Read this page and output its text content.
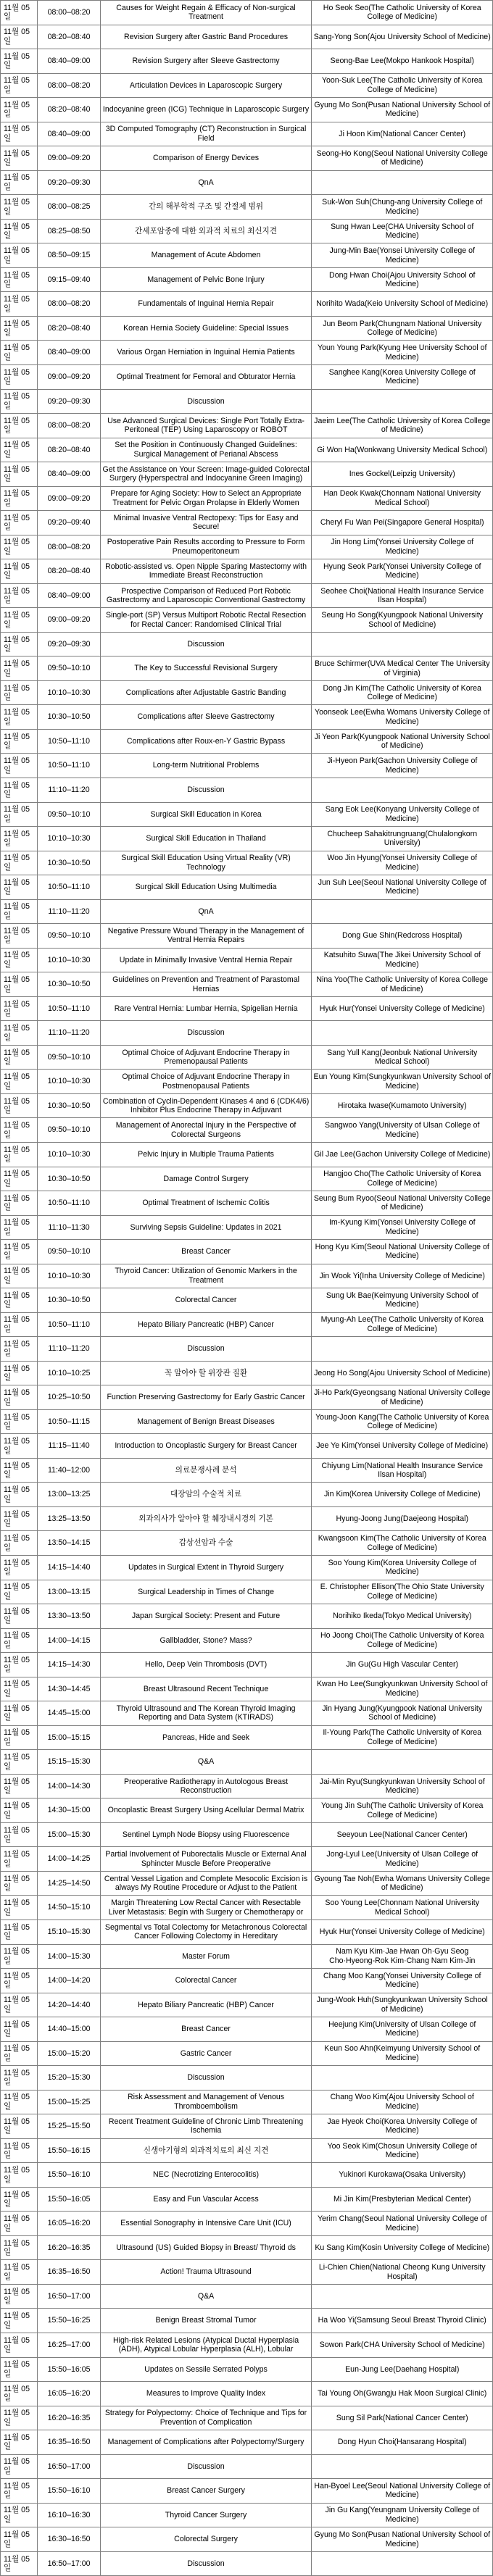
11월 05일	08:00–08:20	Causes for Weight Regain & Efficacy of Non-surgical Treatment	Ho Seok Seo(The Catholic University of Korea College of Medicine)
11월 05일	08:20–08:40	Revision Surgery after Gastric Band Procedures	Sang-Yong Son(Ajou University School of Medicine)
11월 05일	08:40–09:00	Revision Surgery after Sleeve Gastrectomy	Seong-Bae Lee(Mokpo Hankook Hospital)
11월 05일	08:00–08:20	Articulation Devices in Laparoscopic Surgery	Yoon-Suk Lee(The Catholic University of Korea College of Medicine)
11월 05일	08:20–08:40	Indocyanine green (ICG) Technique in Laparoscopic Surgery	Gyung Mo Son(Pusan National University School of Medicine)
11월 05일	08:40–09:00	3D Computed Tomography (CT) Reconstruction in Surgical Field	Ji Hoon Kim(National Cancer Center)
11월 05일	09:00–09:20	Comparison of Energy Devices	Seong-Ho Kong(Seoul National University College of Medicine)
11월 05일	09:20–09:30	QnA	
11월 05일	08:00–08:25	간의 해부학적 구조 및 간절제 범위	Suk-Won Suh(Chung-ang University College of Medicine)
11월 05일	08:25–08:50	간세포암종에 대한 외과적 치료의 최신지견	Sung Hwan Lee(CHA University School of Medicine)
11월 05일	08:50–09:15	Management of Acute Abdomen	Jung-Min Bae(Yonsei University College of Medicine)
11월 05일	09:15–09:40	Management of Pelvic Bone Injury	Dong Hwan Choi(Ajou University School of Medicine)
11월 05일	08:00–08:20	Fundamentals of Inguinal Hernia Repair	Norihito Wada(Keio University School of Medicine)
11월 05일	08:20–08:40	Korean Hernia Society Guideline: Special Issues	Jun Beom Park(Chungnam National University College of Medicine)
11월 05일	08:40–09:00	Various Organ Herniation in Inguinal Hernia Patients	Youn Young Park(Kyung Hee University School of Medicine)
11월 05일	09:00–09:20	Optimal Treatment for Femoral and Obturator Hernia	Sanghee Kang(Korea University College of Medicine)
11월 05일	09:20–09:30	Discussion	
11월 05일	08:00–08:20	Use Advanced Surgical Devices: Single Port Totally Extra-Peritoneal (TEP) Using Laparoscopy or ROBOT	Jaeim Lee(The Catholic University of Korea College of Medicine)
11월 05일	08:20–08:40	Set the Position in Continuously Changed Guidelines: Surgical Management of Perianal Abscess	Gi Won Ha(Wonkwang University Medical School)
11월 05일	08:40–09:00	Get the Assistance on Your Screen: Image-guided Colorectal Surgery (Hyperspectral and Indocyanine Green Imaging)	Ines Gockel(Leipzig University)
11월 05일	09:00–09:20	Prepare for Aging Society: How to Select an Appropriate Treatment for Pelvic Organ Prolapse in Elderly Women	Han Deok Kwak(Chonnam National University Medical School)
11월 05일	09:20–09:40	Minimal Invasive Ventral Rectopexy: Tips for Easy and Secure!	Cheryl Fu Wan Pei(Singapore General Hospital)
11월 05일	08:00–08:20	Postoperative Pain Results according to Pressure to Form Pneumoperitoneum	Jin Hong Lim(Yonsei University College of Medicine)
11월 05일	08:20–08:40	Robotic-assisted vs. Open Nipple Sparing Mastectomy with Immediate Breast Reconstruction	Hyung Seok Park(Yonsei University College of Medicine)
11월 05일	08:40–09:00	Prospective Comparison of Reduced Port Robotic Gastrectomy and Laparoscopic Conventional Gastrectomy	Seohee Choi(National Health Insurance Service Ilsan Hospital)
11월 05일	09:00–09:20	Single-port (SP) Versus Multiport Robotic Rectal Resection for Rectal Cancer: Randomised Clinical Trial	Seung Ho Song(Kyungpook National University School of Medicine)
11월 05일	09:20–09:30	Discussion	
11월 05일	09:50–10:10	The Key to Successful Revisional Surgery	Bruce Schirmer(UVA Medical Center The University of Virginia)
11월 05일	10:10–10:30	Complications after Adjustable Gastric Banding	Dong Jin Kim(The Catholic University of Korea College of Medicine)
11월 05일	10:30–10:50	Complications after Sleeve Gastrectomy	Yoonseok Lee(Ewha Womans University College of Medicine)
11월 05일	10:50–11:10	Complications after Roux-en-Y Gastric Bypass	Ji Yeon Park(Kyungpook National University School of Medicine)
11월 05일	10:50–11:10	Long-term Nutritional Problems	Ji-Hyeon Park(Gachon University College of Medicine)
11월 05일	11:10–11:20	Discussion	
11월 05일	09:50–10:10	Surgical Skill Education in Korea	Sang Eok Lee(Konyang University College of Medicine)
11월 05일	10:10–10:30	Surgical Skill Education in Thailand	Chucheep Sahakitrungruang(Chulalongkorn University)
11월 05일	10:30–10:50	Surgical Skill Education Using Virtual Reality (VR) Technology	Woo Jin Hyung(Yonsei University College of Medicine)
11월 05일	10:50–11:10	Surgical Skill Education Using Multimedia	Jun Suh Lee(Seoul National University College of Medicine)
11월 05일	11:10–11:20	QnA	
11월 05일	09:50–10:10	Negative Pressure Wound Therapy in the Management of Ventral Hernia Repairs	Dong Gue Shin(Redcross Hospital)
11월 05일	10:10–10:30	Update in Minimally Invasive Ventral Hernia Repair	Katsuhito Suwa(The Jikei University School of Medicine)
11월 05일	10:30–10:50	Guidelines on Prevention and Treatment of Parastomal Hernias	Nina Yoo(The Catholic University of Korea College of Medicine)
11월 05일	10:50–11:10	Rare Ventral Hernia: Lumbar Hernia, Spigelian Hernia	Hyuk Hur(Yonsei University College of Medicine)
11월 05일	11:10–11:20	Discussion	
11월 05일	09:50–10:10	Optimal Choice of Adjuvant Endocrine Therapy in Premenopausal Patients	Sang Yull Kang(Jeonbuk National University Medical School)
11월 05일	10:10–10:30	Optimal Choice of Adjuvant Endocrine Therapy in Postmenopausal Patients	Eun Young Kim(Sungkyunkwan University School of Medicine)
11월 05일	10:30–10:50	Combination of Cyclin-Dependent Kinases 4 and 6 (CDK4/6) Inhibitor Plus Endocrine Therapy in Adjuvant	Hirotaka Iwase(Kumamoto University)
11월 05일	09:50–10:10	Management of Anorectal Injury in the Perspective of Colorectal Surgeons	Sangwoo Yang(University of Ulsan College of Medicine)
11월 05일	10:10–10:30	Pelvic Injury in Multiple Trauma Patients	Gil Jae Lee(Gachon University College of Medicine)
11월 05일	10:30–10:50	Damage Control Surgery	Hangjoo Cho(The Catholic University of Korea College of Medicine)
11월 05일	10:50–11:10	Optimal Treatment of Ischemic Colitis	Seung Bum Ryoo(Seoul National University College of Medicine)
11월 05일	11:10–11:30	Surviving Sepsis Guideline: Updates in 2021	Im-Kyung Kim(Yonsei University College of Medicine)
11월 05일	09:50–10:10	Breast Cancer	Hong Kyu Kim(Seoul National University College of Medicine)
11월 05일	10:10–10:30	Thyroid Cancer: Utilization of Genomic Markers in the Treatment	Jin Wook Yi(Inha University College of Medicine)
11월 05일	10:30–10:50	Colorectal Cancer	Sung Uk Bae(Keimyung University School of Medicine)
11월 05일	10:50–11:10	Hepato Biliary Pancreatic (HBP) Cancer	Myung-Ah Lee(The Catholic University of Korea College of Medicine)
11월 05일	11:10–11:20	Discussion	
11월 05일	10:10–10:25	꼭 알아야 할 위장관 질환	Jeong Ho Song(Ajou University School of Medicine)
11월 05일	10:25–10:50	Function Preserving Gastrectomy for Early Gastric Cancer	Ji-Ho Park(Gyeongsang National University College of Medicine)
11월 05일	10:50–11:15	Management of Benign Breast Diseases	Young-Joon Kang(The Catholic University of Korea College of Medicine)
11월 05일	11:15–11:40	Introduction to Oncoplastic Surgery for Breast Cancer	Jee Ye Kim(Yonsei University College of Medicine)
11월 05일	11:40–12:00	의료분쟁사례 분석	Chiyung Lim(National Health Insurance Service Ilsan Hospital)
11월 05일	13:00–13:25	대장암의 수술적 치료	Jin Kim(Korea University College of Medicine)
11월 05일	13:25–13:50	외과의사가 알아야 할 췌장내시경의 기본	Hyung-Joong Jung(Daejeong Hospital)
11월 05일	13:50–14:15	갑상선암과 수술	Kwangsoon Kim(The Catholic University of Korea College of Medicine)
11월 05일	14:15–14:40	Updates in Surgical Extent in Thyroid Surgery	Soo Young Kim(Korea University College of Medicine)
11월 05일	13:00–13:15	Surgical Leadership in Times of Change	E. Christopher Ellison(The Ohio State University College of Medicine)
11월 05일	13:30–13:50	Japan Surgical Society: Present and Future	Norihiko Ikeda(Tokyo Medical University)
11월 05일	14:00–14:15	Gallbladder, Stone? Mass?	Ho Joong Choi(The Catholic University of Korea College of Medicine)
11월 05일	14:15–14:30	Hello, Deep Vein Thrombosis (DVT)	Jin Gu(Gu High Vascular Center)
11월 05일	14:30–14:45	Breast Ultrasound Recent Technique	Kwan Ho Lee(Sungkyunkwan University School of Medicine)
11월 05일	14:45–15:00	Thyroid Ultrasound and The Korean Thyroid Imaging Reporting and Data System (KTIRADS)	Jin Hyang Jung(Kyungpook National University School of Medicine)
11월 05일	15:00–15:15	Pancreas, Hide and Seek	Il-Young Park(The Catholic University of Korea College of Medicine)
11월 05일	15:15–15:30	Q&A	
11월 05일	14:00–14:30	Preoperative Radiotherapy in Autologous Breast Reconstruction	Jai-Min Ryu(Sungkyunkwan University School of Medicine)
11월 05일	14:30–15:00	Oncoplastic Breast Surgery Using Acellular Dermal Matrix	Young Jin Suh(The Catholic University of Korea College of Medicine)
11월 05일	15:00–15:30	Sentinel Lymph Node Biopsy using Fluorescence	Seeyoun Lee(National Cancer Center)
11월 05일	14:00–14:25	Partial Involvement of Puborectalis Muscle or External Anal Sphincter Muscle Before Preoperative	Jong-Lyul Lee(University of Ulsan College of Medicine)
11월 05일	14:25–14:50	Central Vessel Ligation and Complete Mesocolic Excision is always My Routine Procedure or Adjust to the Patient	Gyoung Tae Noh(Ewha Womans University College of Medicine)
11월 05일	14:50–15:10	Margin Threatening Low Rectal Cancer with Resectable Liver Metastasis: Begin with Surgery or Chemotherapy or	Soo Young Lee(Chonnam National University Medical School)
11월 05일	15:10–15:30	Segmental vs Total Colectomy for Metachronous Colorectal Cancer Following Colectomy in Hereditary	Hyuk Hur(Yonsei University College of Medicine)
11월 05일	14:00–15:30	Master Forum	Nam Kyu Kim·Jae Hwan Oh·Gyu Seog Cho·Hyeong-Rok Kim·Chang Nam Kim·Jin
11월 05일	14:00–14:20	Colorectal Cancer	Chang Moo Kang(Yonsei University College of Medicine)
11월 05일	14:20–14:40	Hepato Biliary Pancreatic (HBP) Cancer	Jung-Wook Huh(Sungkyunkwan University School of Medicine)
11월 05일	14:40–15:00	Breast Cancer	Heejung Kim(University of Ulsan College of Medicine)
11월 05일	15:00–15:20	Gastric Cancer	Keun Soo Ahn(Keimyung University School of Medicine)
11월 05일	15:20–15:30	Discussion	
11월 05일	15:00–15:25	Risk Assessment and Management of Venous Thromboembolism	Chang Woo Kim(Ajou University School of Medicine)
11월 05일	15:25–15:50	Recent Treatment Guideline of Chronic Limb Threatening Ischemia	Jae Hyeok Choi(Korea University College of Medicine)
11월 05일	15:50–16:15	신생아기형의 외과적치료의 최신 지견	Yoo Seok Kim(Chosun University College of Medicine)
11월 05일	15:50–16:10	NEC (Necrotizing Enterocolitis)	Yukinori Kurokawa(Osaka University)
11월 05일	15:50–16:05	Easy and Fun Vascular Access	Mi Jin Kim(Presbyterian Medical Center)
11월 05일	16:05–16:20	Essential Sonography in Intensive Care Unit (ICU)	Yerim Chang(Seoul National University College of Medicine)
11월 05일	16:20–16:35	Ultrasound (US) Guided Biopsy in Breast/ Thyroid ds	Ku Sang Kim(Kosin University College of Medicine)
11월 05일	16:35–16:50	Action! Trauma Ultrasound	Li-Chien Chien(National Cheong Kung University Hospital)
11월 05일	16:50–17:00	Q&A	
11월 05일	15:50–16:25	Benign Breast Stromal Tumor	Ha Woo Yi(Samsung Seoul Breast Thyroid Clinic)
11월 05일	16:25–17:00	High-risk Related Lesions (Atypical Ductal Hyperplasia (ADH), Atypical Lobular Hyperplasia (ALH), Lobular	Sowon Park(CHA University School of Medicine)
11월 05일	15:50–16:05	Updates on Sessile Serrated Polyps	Eun-Jung Lee(Daehang Hospital)
11월 05일	16:05–16:20	Measures to Improve Quality Index	Tai Young Oh(Gwangju Hak Moon Surgical Clinic)
11월 05일	16:20–16:35	Strategy for Polypectomy: Choice of Technique and Tips for Prevention of Complication	Sung Sil Park(National Cancer Center)
11월 05일	16:35–16:50	Management of Complications after Polypectomy/Surgery	Dong Hyun Choi(Hansarang Hospital)
11월 05일	16:50–17:00	Discussion	
11월 05일	15:50–16:10	Breast Cancer Surgery	Han-Byoel Lee(Seoul National University College of Medicine)
11월 05일	16:10–16:30	Thyroid Cancer Surgery	Jin Gu Kang(Yeungnam University College of Medicine)
11월 05일	16:30–16:50	Colorectal Surgery	Gyung Mo Son(Pusan National University School of Medicine)
11월 05일	16:50–17:00	Discussion	
